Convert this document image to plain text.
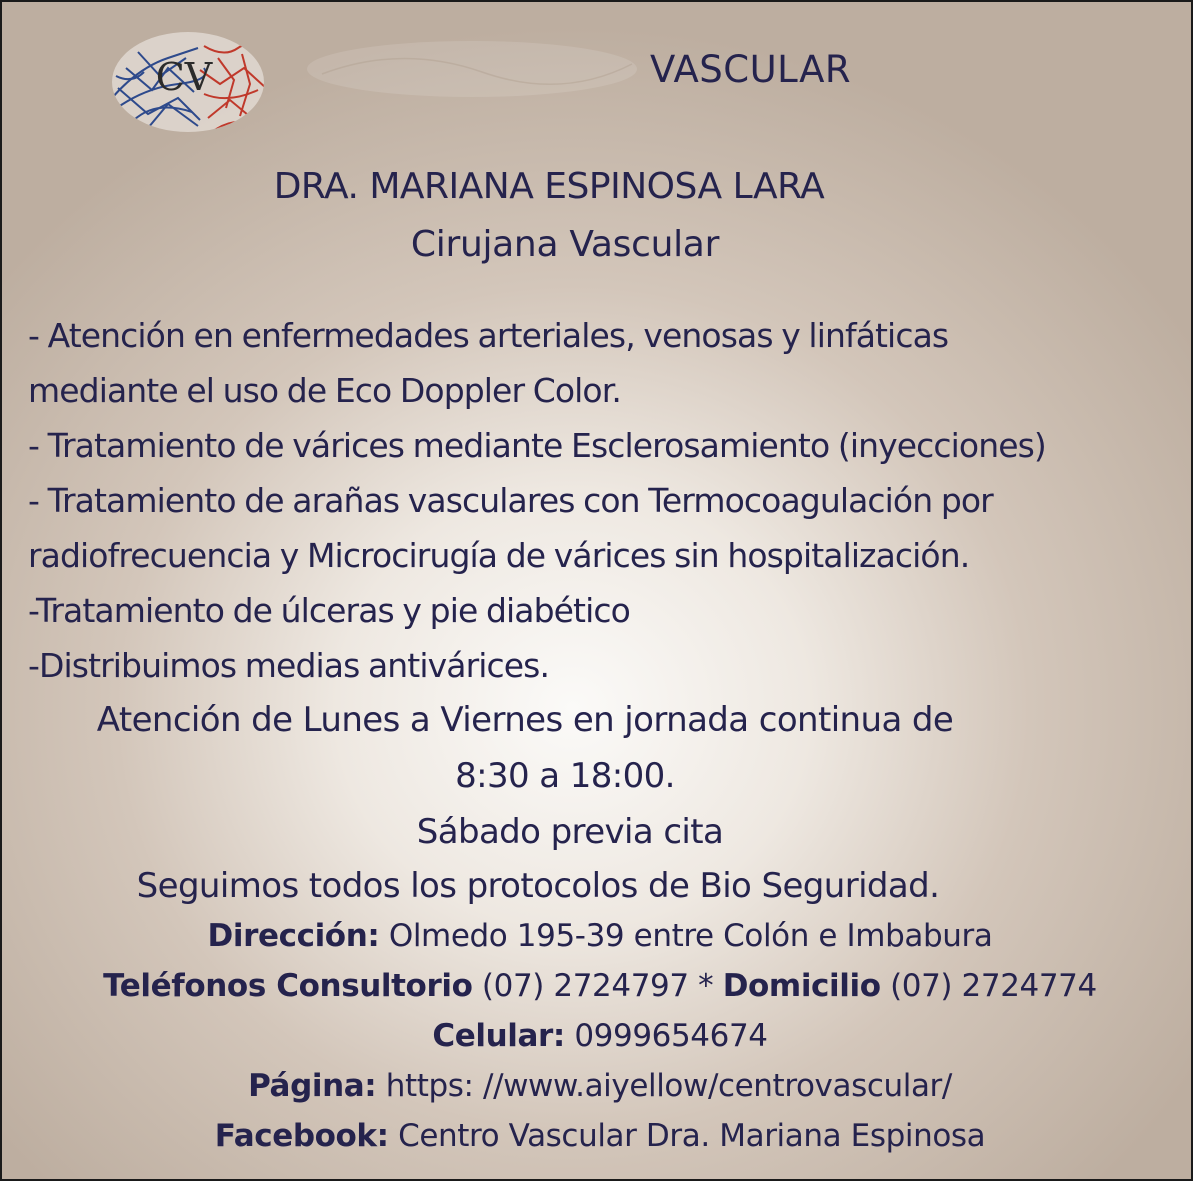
CV	VASCULAR
DRA. MARIANA ESPINOSA LARA
Cirujana Vascular
- Atención en enfermedades arteriales, venosas y linfáticas
mediante el uso de Eco Doppler Color.
- Tratamiento de várices mediante Esclerosamiento (inyecciones)
- Tratamiento de arañas vasculares con Termocoagulación por
radiofrecuencia y Microcirugía de várices sin hospitalización.
-Tratamiento de úlceras y pie diabético
-Distribuimos medias antivárices.
Atención de Lunes a Viernes en jornada continua de
8:30 a 18:00.
Sábado previa cita
Seguimos todos los protocolos de Bio Seguridad.
Dirección: Olmedo 195-39 entre Colón e Imbabura
Teléfonos Consultorio (07) 2724797 * Domicilio (07) 2724774
Celular: 0999654674
Página: https: //www.aiyellow/centrovascular/
Facebook: Centro Vascular Dra. Mariana Espinosa
